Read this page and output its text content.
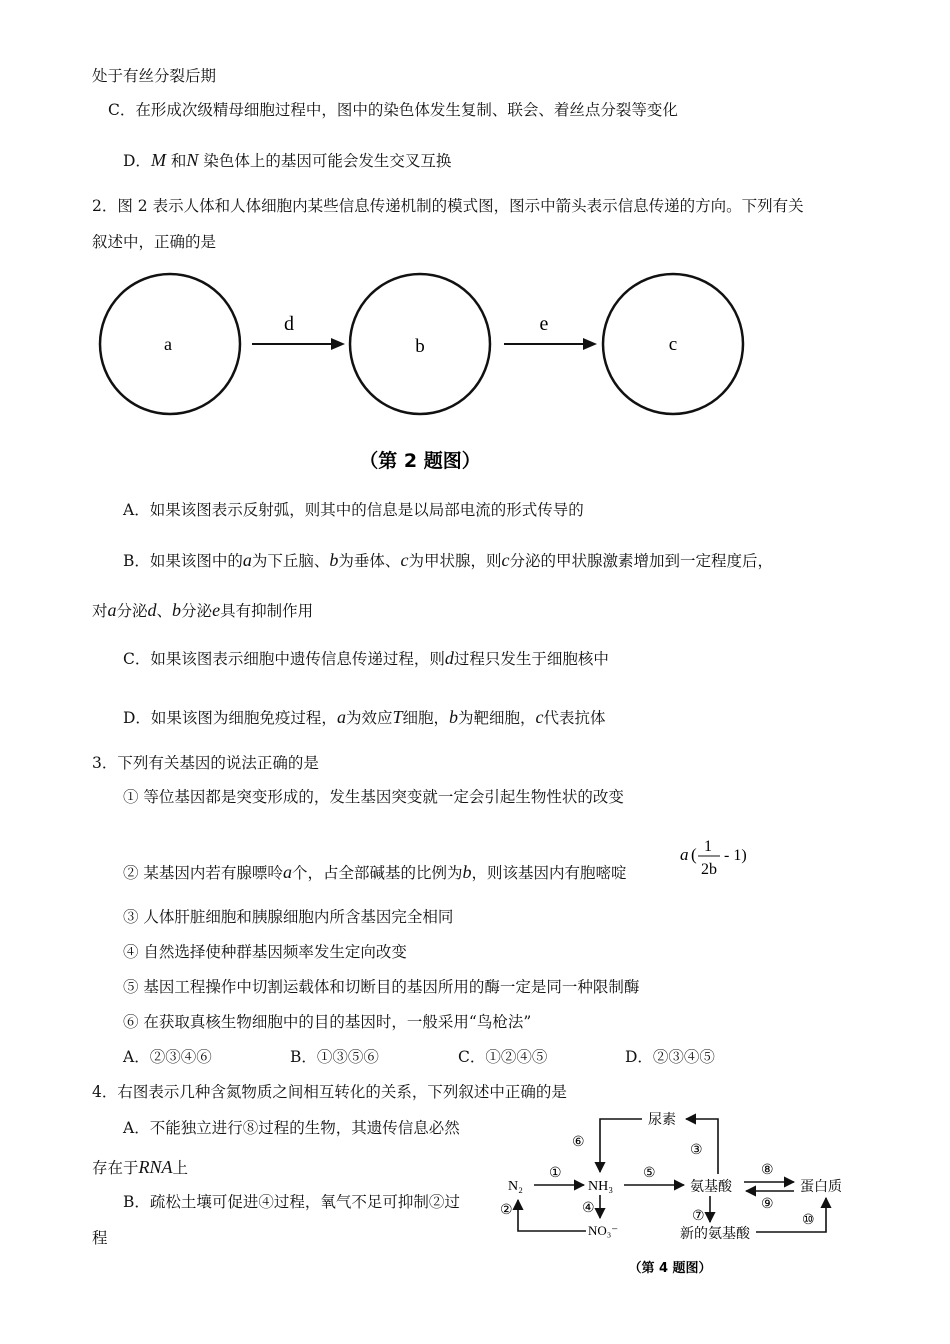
处于有丝分裂后期
C．在形成次级精母细胞过程中，图中的染色体发生复制、联会、着丝点分裂等变化
D．M 和N 染色体上的基因可能会发生交叉互换
2．图 2 表示人体和人体细胞内某些信息传递机制的模式图，图示中箭头表示信息传递的方向。下列有关
叙述中，正确的是
a	b	c
d	e
（第 2 题图）
A．如果该图表示反射弧，则其中的信息是以局部电流的形式传导的
B．如果该图中的a为下丘脑、b为垂体、c为甲状腺，则c分泌的甲状腺激素增加到一定程度后，
对a分泌d、b分泌e具有抑制作用
C．如果该图表示细胞中遗传信息传递过程，则d过程只发生于细胞核中
D．如果该图为细胞免疫过程，a为效应T细胞，b为靶细胞，c代表抗体
3．下列有关基因的说法正确的是
① 等位基因都是突变形成的，发生基因突变就一定会引起生物性状的改变
② 某基因内若有腺嘌呤a个，占全部碱基的比例为b，则该基因内有胞嘧啶
a ( 1
2b
- 1)
③ 人体肝脏细胞和胰腺细胞内所含基因完全相同
④ 自然选择使种群基因频率发生定向改变
⑤ 基因工程操作中切割运载体和切断目的基因所用的酶一定是同一种限制酶
⑥ 在获取真核生物细胞中的目的基因时，一般采用“鸟枪法”
A．②③④⑥	B．①③⑤⑥	C．①②④⑤	D．②③④⑤
4．右图表示几种含氮物质之间相互转化的关系，下列叙述中正确的是
A．不能独立进行⑧过程的生物，其遗传信息必然
存在于RNA上
B．疏松土壤可促进④过程，氧气不足可抑制②过
程
N₂	NH₃
尿素
氨基酸	蛋白质
NO₃⁻	新的氨基酸
①
②
⑥
③
④
⑤	⑧
⑨
⑦	⑩
（第 4 题图）
